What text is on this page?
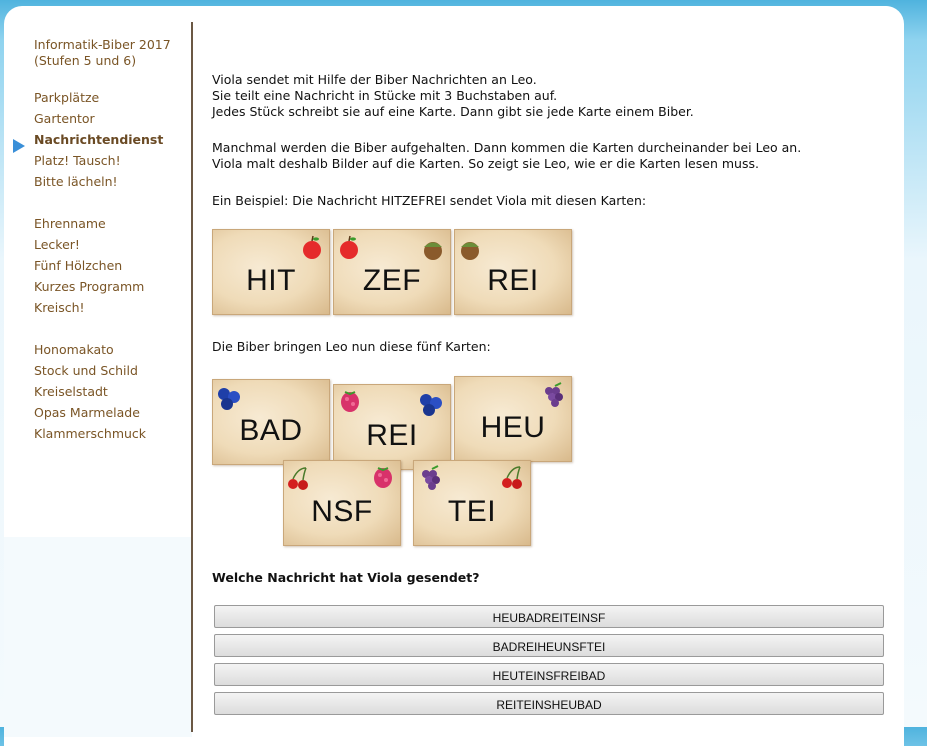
Informatik-Biber 2017
(Stufen 5 und 6)
Parkplätze
Gartentor
Nachrichtendienst
Platz! Tausch!
Bitte lächeln!
Ehrenname
Lecker!
Fünf Hölzchen
Kurzes Programm
Kreisch!
Honomakato
Stock und Schild
Kreiselstadt
Opas Marmelade
Klammerschmuck
Viola sendet mit Hilfe der Biber Nachrichten an Leo.
Sie teilt eine Nachricht in Stücke mit 3 Buchstaben auf.
Jedes Stück schreibt sie auf eine Karte. Dann gibt sie jede Karte einem Biber.
Manchmal werden die Biber aufgehalten. Dann kommen die Karten durcheinander bei Leo an.
Viola malt deshalb Bilder auf die Karten. So zeigt sie Leo, wie er die Karten lesen muss.
Ein Beispiel: Die Nachricht HITZEFREI sendet Viola mit diesen Karten:
Die Biber bringen Leo nun diese fünf Karten:
Welche Nachricht hat Viola gesendet?
HIT	ZEF	REI
BAD	REI	HEU
NSF	TEI
HEUBADREITEINSF
BADREIHEUNSFTEI
HEUTEINSFREIBAD
REITEINSHEUBAD
